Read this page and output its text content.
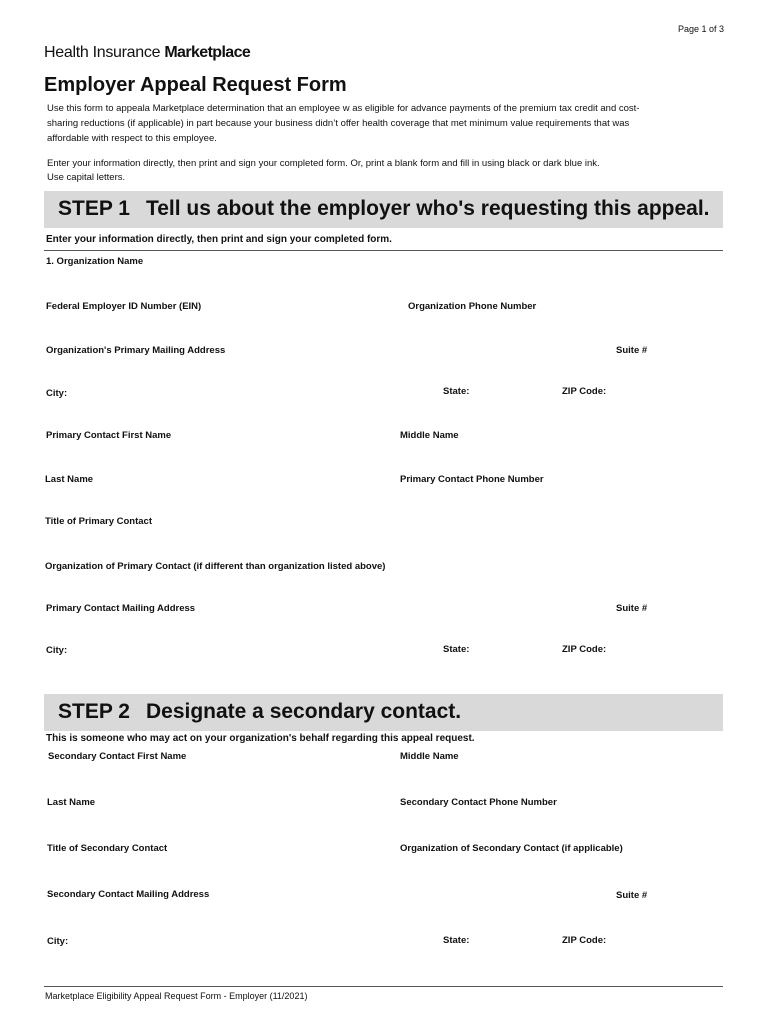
Page 1 of 3
Health Insurance Marketplace
Employer Appeal Request Form
Use this form to appeala Marketplace determination that an employee w as eligible for advance payments of the premium tax credit and cost-
sharing reductions (if applicable) in part because your business didn’t offer health coverage that met minimum value requirements that was
affordable with respect to this employee.
Enter your information directly, then print and sign your completed form. Or, print a blank form and fill in using black or dark blue ink.
Use capital letters.
STEP 1 Tell us about the employer who's requesting this appeal.
Enter your information directly, then print and sign your completed form.
1. Organization Name
Federal Employer ID Number (EIN)	Organization Phone Number
Organization's Primary Mailing Address	Suite #
City:	State:	ZIP Code:
Primary Contact First Name	Middle Name
Last Name	Primary Contact Phone Number
Title of Primary Contact
Organization of Primary Contact (if different than organization listed above)
Primary Contact Mailing Address	Suite #
City:	State:	ZIP Code:
STEP 2 Designate a secondary contact.
This is someone who may act on your organization's behalf regarding this appeal request.
Secondary Contact First Name	Middle Name
Last Name	Secondary Contact Phone Number
Title of Secondary Contact	Organization of Secondary Contact (if applicable)
Secondary Contact Mailing Address	Suite #
City:	State:	ZIP Code:
Marketplace Eligibility Appeal Request Form - Employer (11/2021)
